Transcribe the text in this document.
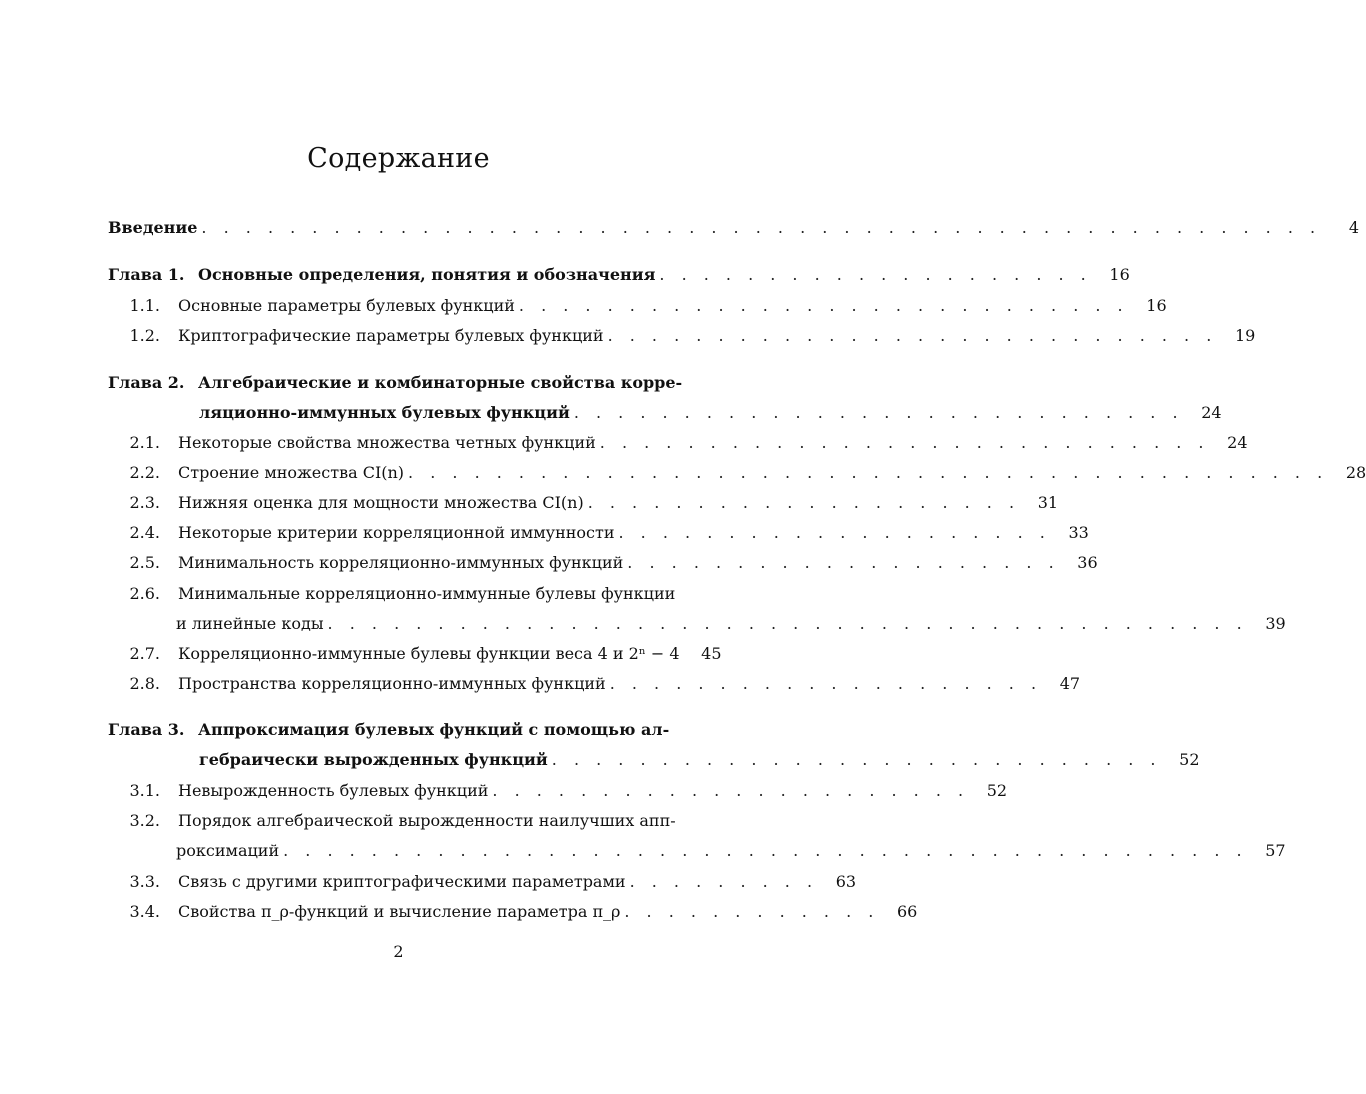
Содержание
Введение . . . . . . . . . . . . . . . . . . . . . . . . . . . . . . . . . . . . . . . . . . . . . . . . . . .	4
Глава 1. Основные определения, понятия и обозначения . . . . . . . . . . . . . . . . . . . .	16
1.1. Основные параметры булевых функций . . . . . . . . . . . . . . . . . . . . . . . . . . . .	16
1.2. Криптографические параметры булевых функций . . . . . . . . . . . . . . . . . . . . . . . . . . . .	19
Глава 2. Алгебраические и комбинаторные свойства корре-
ляционно-иммунных булевых функций . . . . . . . . . . . . . . . . . . . . . . . . . . . .	24
2.1. Некоторые свойства множества четных функций . . . . . . . . . . . . . . . . . . . . . . . . . . . .	24
2.2. Строение множества CI(n) . . . . . . . . . . . . . . . . . . . . . . . . . . . . . . . . . . . . . . . . . .	28
2.3. Нижняя оценка для мощности множества CI(n) . . . . . . . . . . . . . . . . . . . .	31
2.4. Некоторые критерии корреляционной иммунности . . . . . . . . . . . . . . . . . . . .	33
2.5. Минимальность корреляционно-иммунных функций . . . . . . . . . . . . . . . . . . . .	36
2.6. Минимальные корреляционно-иммунные булевы функции
и линейные коды . . . . . . . . . . . . . . . . . . . . . . . . . . . . . . . . . . . . . . . . . .	39
2.7. Корреляционно-иммунные булевы функции веса 4 и 2ⁿ − 4	45
2.8. Пространства корреляционно-иммунных функций . . . . . . . . . . . . . . . . . . . .	47
Глава 3. Аппроксимация булевых функций с помощью ал-
гебраически вырожденных функций . . . . . . . . . . . . . . . . . . . . . . . . . . . .	52
3.1. Невырожденность булевых функций . . . . . . . . . . . . . . . . . . . . . .	52
3.2. Порядок алгебраической вырожденности наилучших апп-
роксимаций . . . . . . . . . . . . . . . . . . . . . . . . . . . . . . . . . . . . . . . . . . . .	57
3.3. Связь с другими криптографическими параметрами . . . . . . . . .	63
3.4. Свойства π_ρ-функций и вычисление параметра π_ρ . . . . . . . . . . . .	66
2
